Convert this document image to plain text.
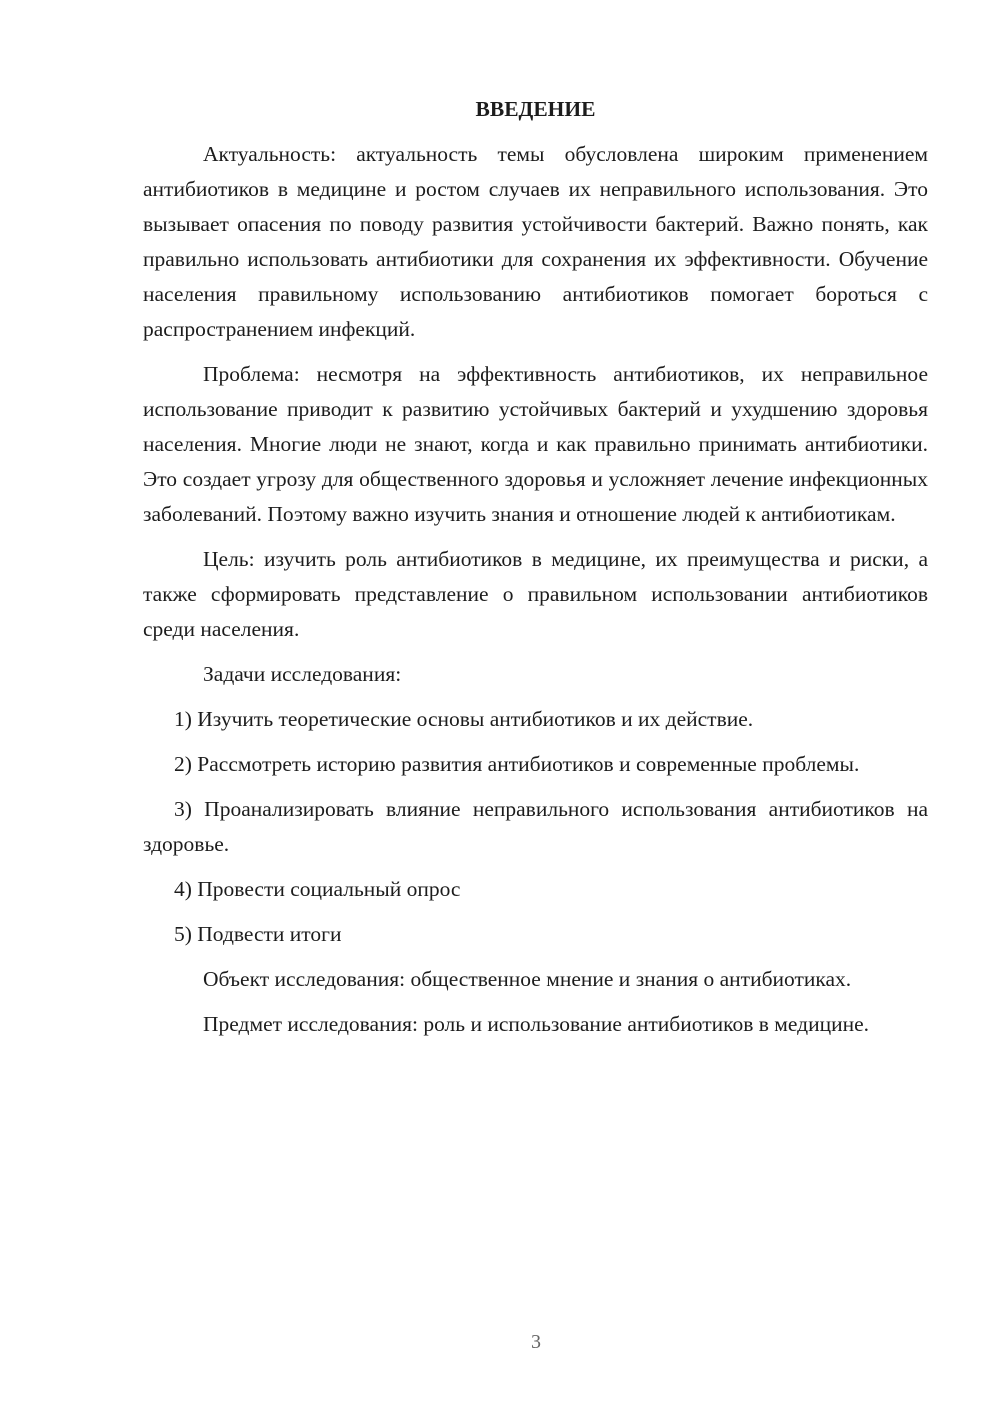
ВВЕДЕНИЕ

Актуальность: актуальность темы обусловлена широким применением антибиотиков в медицине и ростом случаев их неправильного использования. Это вызывает опасения по поводу развития устойчивости бактерий. Важно понять, как правильно использовать антибиотики для сохранения их эффективности. Обучение населения правильному использованию антибиотиков помогает бороться с распространением инфекций.

Проблема: несмотря на эффективность антибиотиков, их неправильное использование приводит к развитию устойчивых бактерий и ухудшению здоровья населения. Многие люди не знают, когда и как правильно принимать антибиотики. Это создает угрозу для общественного здоровья и усложняет лечение инфекционных заболеваний. Поэтому важно изучить знания и отношение людей к антибиотикам.

Цель: изучить роль антибиотиков в медицине, их преимущества и риски, а также сформировать представление о правильном использовании антибиотиков среди населения.

Задачи исследования:

1) Изучить теоретические основы антибиотиков и их действие.

2) Рассмотреть историю развития антибиотиков и современные проблемы.

3) Проанализировать влияние неправильного использования антибиотиков на здоровье.

4) Провести социальный опрос

5) Подвести итоги

Объект исследования: общественное мнение и знания о антибиотиках.

Предмет исследования: роль и использование антибиотиков в медицине.

3
